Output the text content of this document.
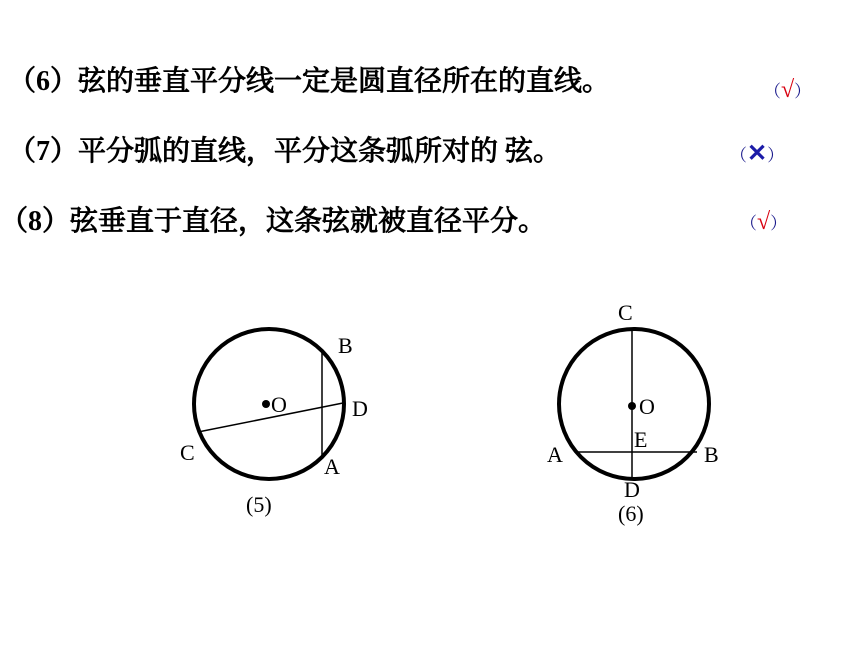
（6）弦的垂直平分线一定是圆直径所在的直线。	（√）
（7）平分弧的直线，平分这条弧所对的 弦。	（✕）
（8）弦垂直于直径，这条弦就被直径平分。	（√）
O
B
D
C
A
(5)
O
C
E
A	B
D
(6)
